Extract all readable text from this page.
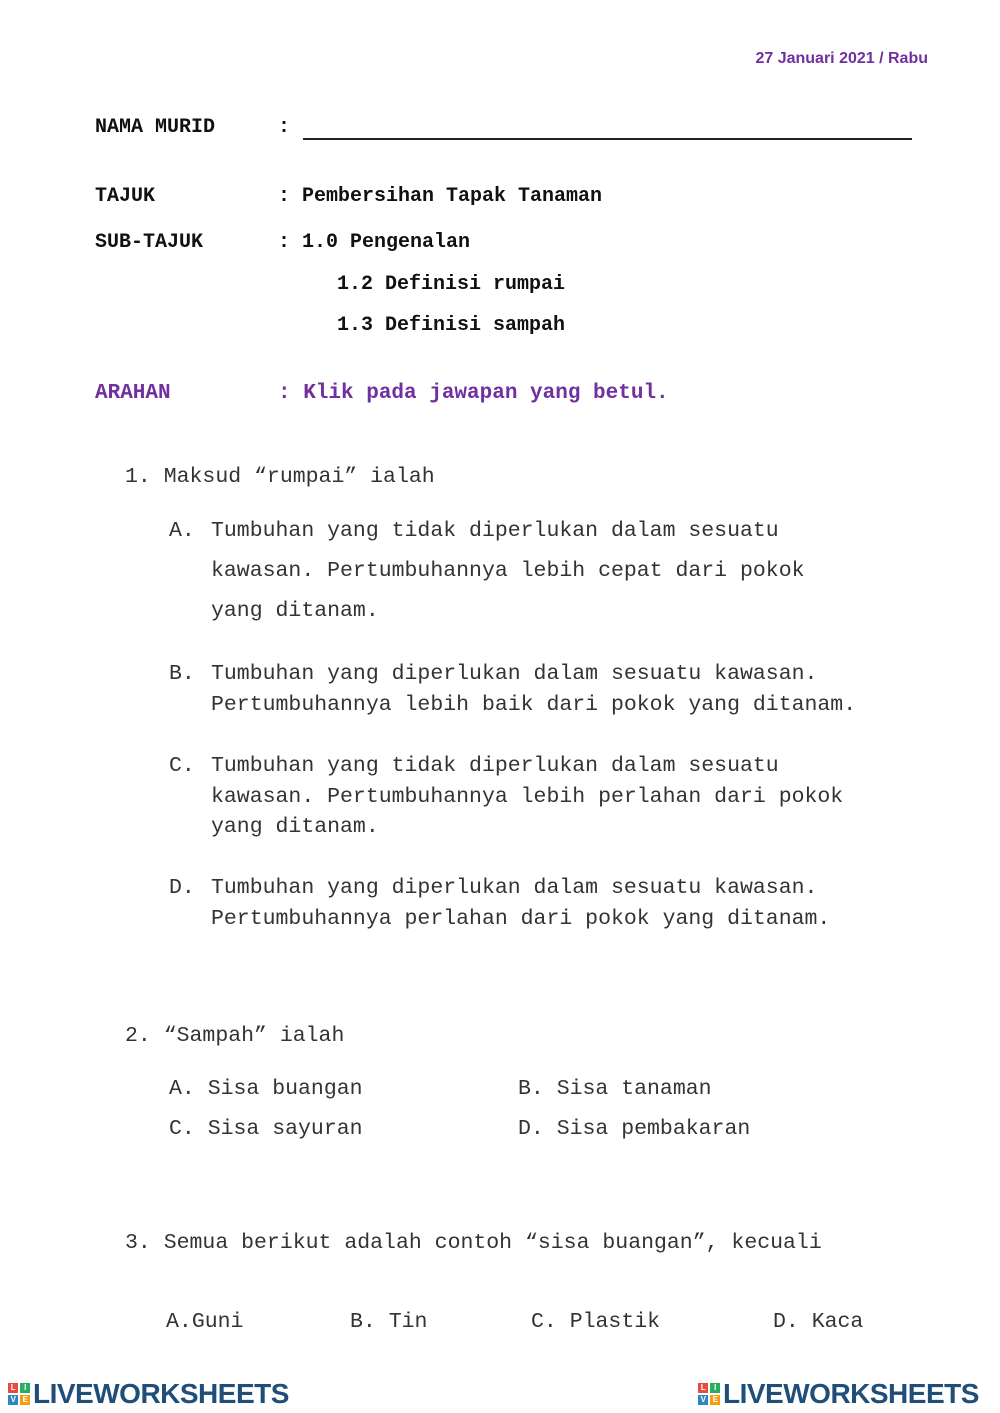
27 Januari 2021 / Rabu
NAMA MURID	:
TAJUK	: Pembersihan Tapak Tanaman
SUB-TAJUK	: 1.0 Pengenalan
1.2 Definisi rumpai
1.3 Definisi sampah
ARAHAN	: Klik pada jawapan yang betul.
1. Maksud “rumpai” ialah
A. Tumbuhan yang tidak diperlukan dalam sesuatu
kawasan. Pertumbuhannya lebih cepat dari pokok
yang ditanam.
B. Tumbuhan yang diperlukan dalam sesuatu kawasan.
Pertumbuhannya lebih baik dari pokok yang ditanam.
C. Tumbuhan yang tidak diperlukan dalam sesuatu
kawasan. Pertumbuhannya lebih perlahan dari pokok
yang ditanam.
D. Tumbuhan yang diperlukan dalam sesuatu kawasan.
Pertumbuhannya perlahan dari pokok yang ditanam.
2. “Sampah” ialah
A. Sisa buangan	B. Sisa tanaman
C. Sisa sayuran	D. Sisa pembakaran
3. Semua berikut adalah contoh “sisa buangan”, kecuali
A.Guni	B. Tin	C. Plastik	D. Kaca
L	I
V E LIVEWORKSHEETS	L	I
V E LIVEWORKSHEETS
